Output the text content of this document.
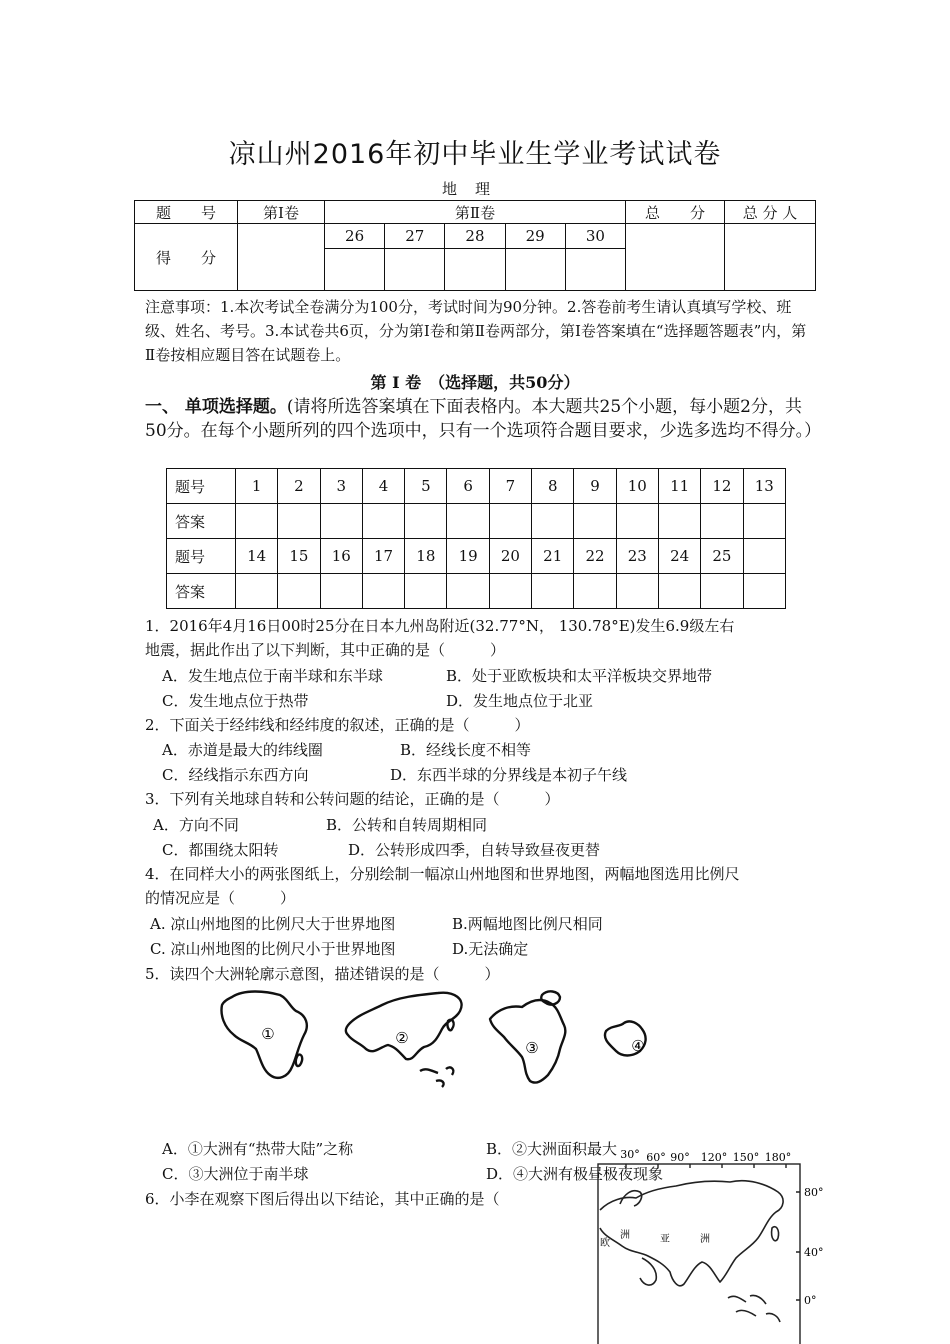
凉山州2016年初中毕业生学业考试试卷
地理
题　　号	第Ⅰ卷	第Ⅱ卷					总　　分	总 分 人
得　　分		26	27	28	29	30		

注意事项：1.本次考试全卷满分为100分，考试时间为90分钟。2.答卷前考生请认真填写学校、班级、姓名、考号。3.本试卷共6页，分为第Ⅰ卷和第Ⅱ卷两部分，第Ⅰ卷答案填在“选择题答题表”内，第Ⅱ卷按相应题目答在试题卷上。
第 Ⅰ 卷　（选择题，共50分）
一、 单项选择题。(请将所选答案填在下面表格内。本大题共25个小题，每小题2分，共50分。在每个小题所列的四个选项中，只有一个选项符合题目要求，少选多选均不得分。）
题号	1	2	3	4	5	6	7	8	9	10	11	12	13
答案													
题号	14	15	16	17	18	19	20	21	22	23	24	25	
答案													
1．2016年4月16日00时25分在日本九州岛附近(32.77°N， 130.78°E)发生6.9级左右
地震，据此作出了以下判断，其中正确的是（　　　）
A．发生地点位于南半球和东半球	B．处于亚欧板块和太平洋板块交界地带
C．发生地点位于热带	D．发生地点位于北亚
2．下面关于经纬线和经纬度的叙述，正确的是（　　　）
A．赤道是最大的纬线圈	B．经线长度不相等
C．经线指示东西方向	D．东西半球的分界线是本初子午线
3．下列有关地球自转和公转问题的结论，正确的是（　　　）
A．方向不同	B．公转和自转周期相同
C．都围绕太阳转	D．公转形成四季，自转导致昼夜更替
4．在同样大小的两张图纸上，分别绘制一幅凉山州地图和世界地图，两幅地图选用比例尺
的情况应是（　　　）
A. 凉山州地图的比例尺大于世界地图	B.两幅地图比例尺相同
C. 凉山州地图的比例尺小于世界地图	D.无法确定
5．读四个大洲轮廓示意图，描述错误的是（　　　）
①	②
③	④
A．①大洲有“热带大陆”之称	B．②大洲面积最大
C．③大洲位于南半球	D．④大洲有极昼极夜现象
6．小李在观察下图后得出以下结论，其中正确的是（
30°	90° 120° 150° 180°
60°
80°
40°
0°
欧
洲	亚	洲
